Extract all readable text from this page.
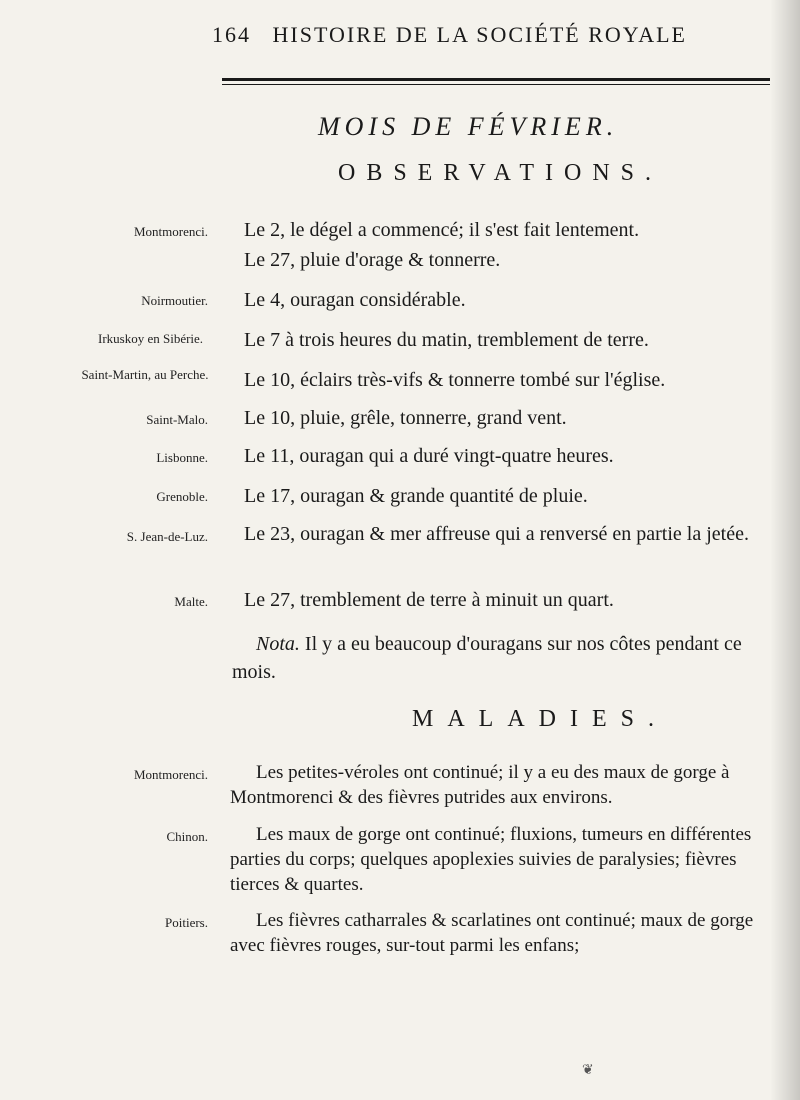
164 HISTOIRE DE LA SOCIÉTÉ ROYALE
MOIS DE FÉVRIER.
OBSERVATIONS.
Montmorenci. Le 2, le dégel a commencé; il s'est fait lentement.
Le 27, pluie d'orage & tonnerre.
Noirmoutier. Le 4, ouragan considérable.
Irkuskoy en Sibérie. Le 7 à trois heures du matin, tremblement de terre.
Saint-Martin, au Perche. Le 10, éclairs très-vifs & tonnerre tombé sur l'église.
Saint-Malo. Le 10, pluie, grêle, tonnerre, grand vent.
Lisbonne. Le 11, ouragan qui a duré vingt-quatre heures.
Grenoble. Le 17, ouragan & grande quantité de pluie.
S. Jean-de-Luz. Le 23, ouragan & mer affreuse qui a renversé en partie la jetée.
Malte. Le 27, tremblement de terre à minuit un quart.
Nota. Il y a eu beaucoup d'ouragans sur nos côtes pendant ce mois.
MALADIES.
Montmorenci.	Les petites-véroles ont continué; il y a eu des maux de gorge à Montmorenci & des fièvres putrides aux environs.
Chinon.	Les maux de gorge ont continué; fluxions, tumeurs en différentes parties du corps; quelques apoplexies suivies de paralysies; fièvres tierces & quartes.
Poitiers.	Les fièvres catharrales & scarlatines ont continué; maux de gorge avec fièvres rouges, sur-tout parmi les enfans;
❦
